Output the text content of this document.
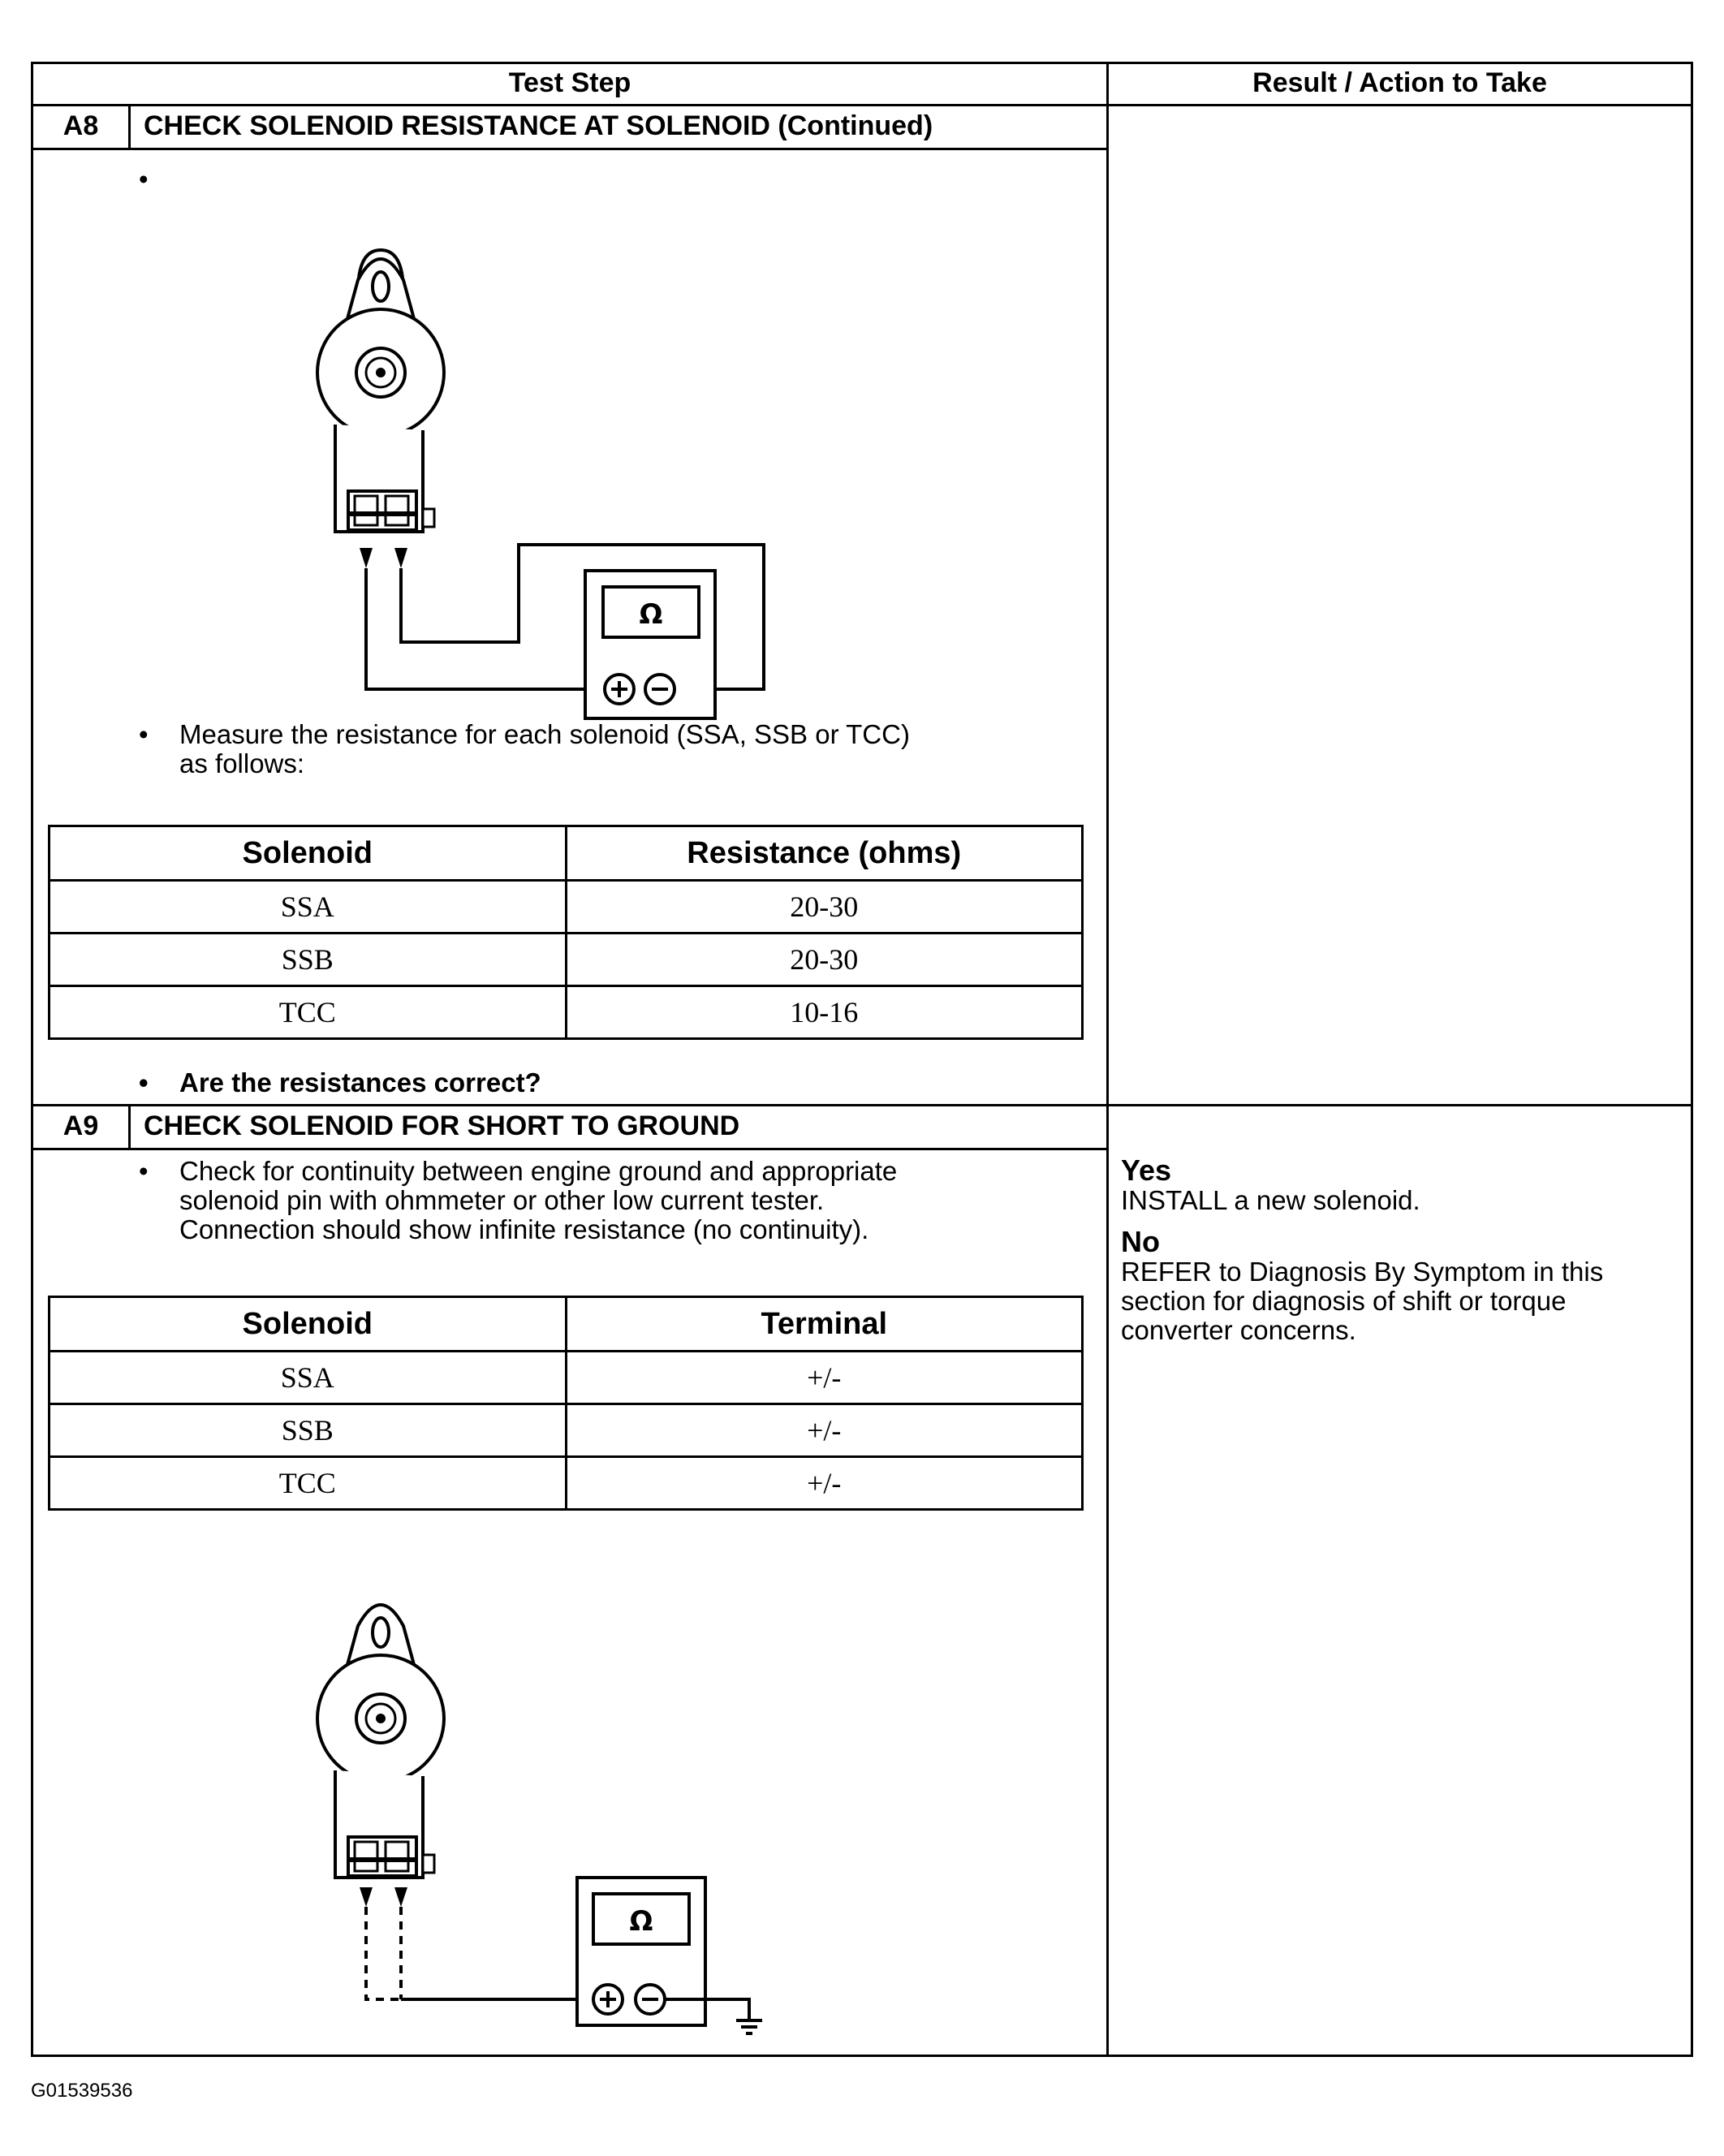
Test Step	Result / Action to Take
A8	CHECK SOLENOID RESISTANCE AT SOLENOID (Continued)
•
Ω
• Measure the resistance for each solenoid (SSA, SSB or TCC)
as follows:
Solenoid	Resistance (ohms)
SSA	20-30
SSB	20-30
TCC	10-16
• Are the resistances correct?
A9	CHECK SOLENOID FOR SHORT TO GROUND
• Check for continuity between engine ground and appropriate
solenoid pin with ohmmeter or other low current tester.
Connection should show infinite resistance (no continuity).
Solenoid	Terminal
SSA	+/-
SSB	+/-
TCC	+/-
Ω
Yes
INSTALL a new solenoid.
No
REFER to Diagnosis By Symptom in this
section for diagnosis of shift or torque
converter concerns.
G01539536
